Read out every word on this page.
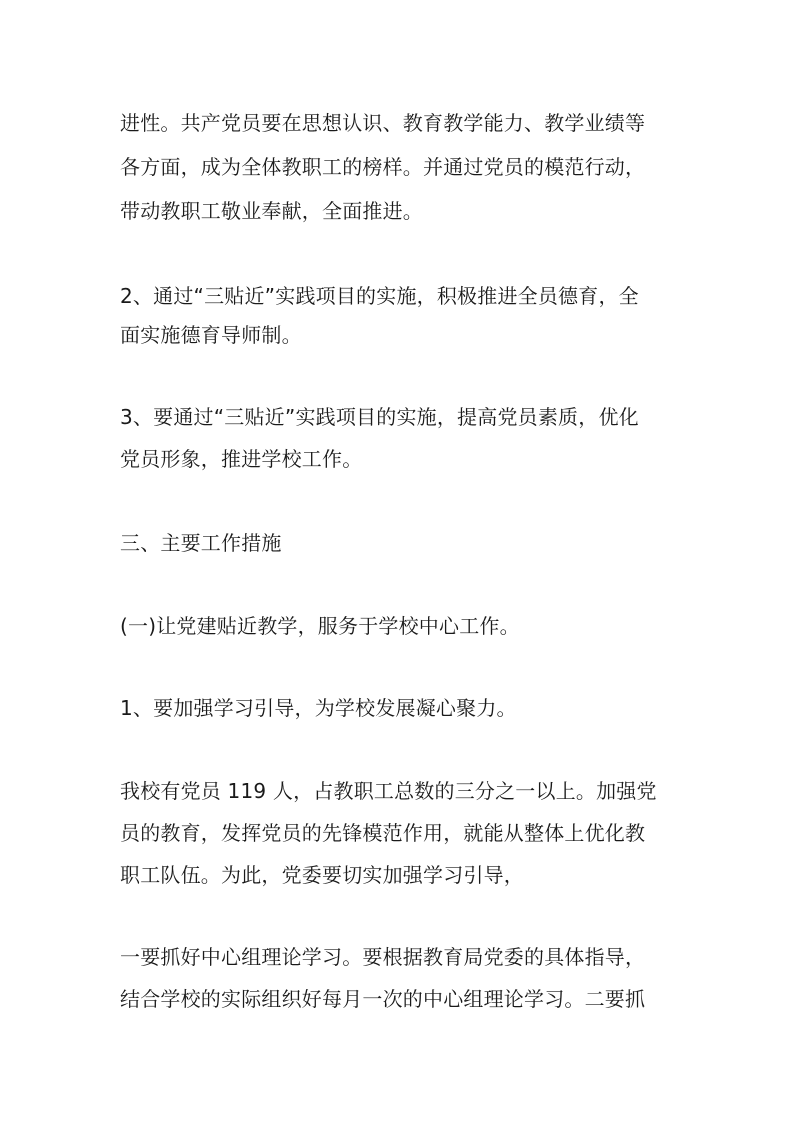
进性。共产党员要在思想认识、教育教学能力、教学业绩等
各方面，成为全体教职工的榜样。并通过党员的模范行动，
带动教职工敬业奉献，全面推进。
2、通过“三贴近”实践项目的实施，积极推进全员德育，全
面实施德育导师制。
3、要通过“三贴近”实践项目的实施，提高党员素质，优化
党员形象，推进学校工作。
三、主要工作措施
(一)让党建贴近教学，服务于学校中心工作。
1、要加强学习引导，为学校发展凝心聚力。
我校有党员 119 人，占教职工总数的三分之一以上。加强党
员的教育，发挥党员的先锋模范作用，就能从整体上优化教
职工队伍。为此，党委要切实加强学习引导，
一要抓好中心组理论学习。要根据教育局党委的具体指导，
结合学校的实际组织好每月一次的中心组理论学习。二要抓
